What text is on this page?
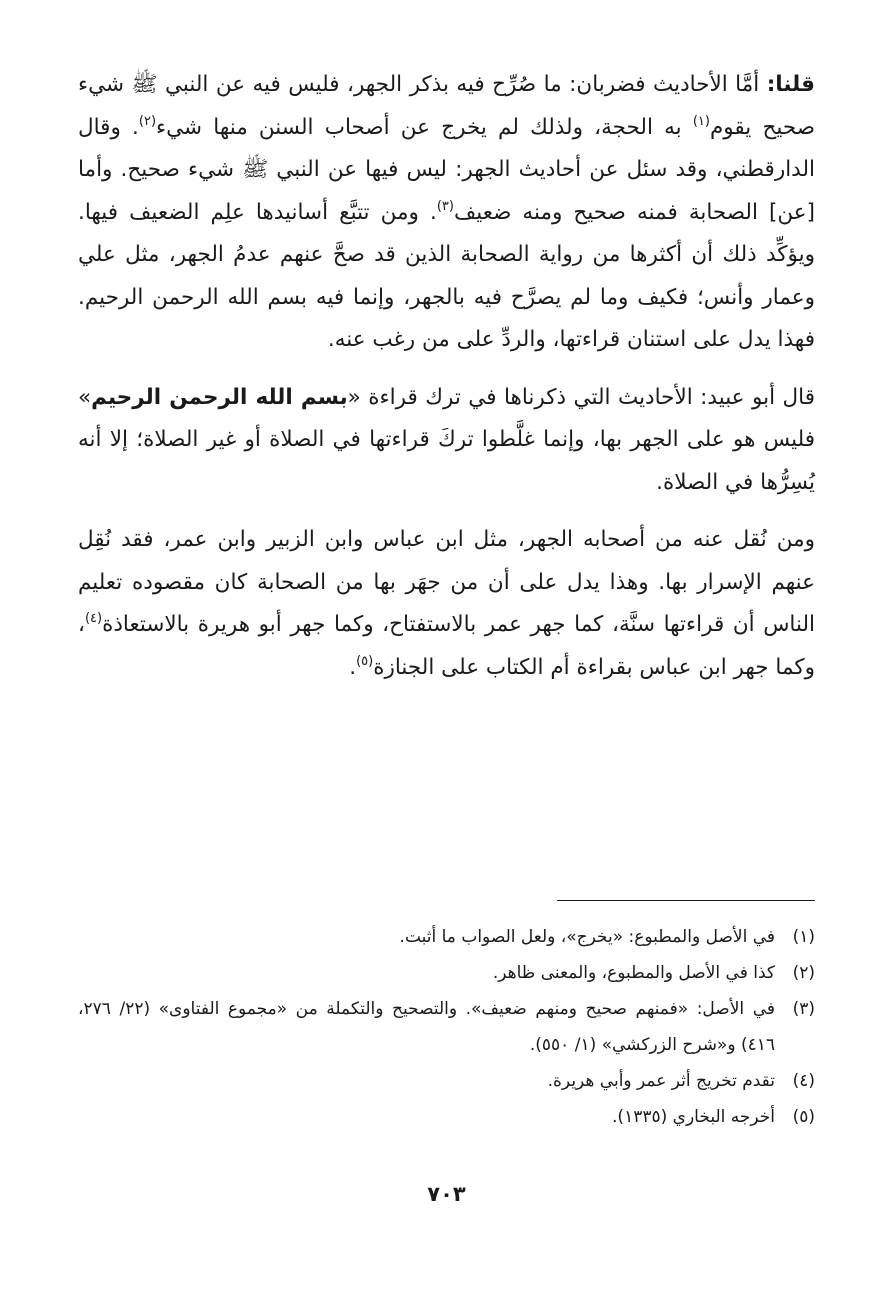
قلنا: أمَّا الأحاديث فضربان: ما صُرِّح فيه بذكر الجهر، فليس فيه عن النبي ﷺ شيء صحيح يقوم$^{(١)}$ به الحجة، ولذلك لم يخرج عن أصحاب السنن منها شيء$^{(٢)}$. وقال الدارقطني، وقد سئل عن أحاديث الجهر: ليس فيها عن النبي ﷺ شيء صحيح. وأما [عن] الصحابة فمنه صحيح ومنه ضعيف$^{(٣)}$. ومن تتبَّع أسانيدها علِم الضعيف فيها. ويؤكِّد ذلك أن أكثرها من رواية الصحابة الذين قد صحَّ عنهم عدمُ الجهر، مثل علي وعمار وأنس؛ فكيف وما لم يصرَّح فيه بالجهر، وإنما فيه بسم الله الرحمن الرحيم. فهذا يدل على استنان قراءتها، والردِّ على من رغب عنه.

قال أبو عبيد: الأحاديث التي ذكرناها في ترك قراءة «بسم الله الرحمن الرحيم» فليس هو على الجهر بها، وإنما غلَّطوا تركَ قراءتها في الصلاة أو غير الصلاة؛ إلا أنه يُسِرُّها في الصلاة.

ومن نُقل عنه من أصحابه الجهر، مثل ابن عباس وابن الزبير وابن عمر، فقد نُقِل عنهم الإسرار بها. وهذا يدل على أن من جهَر بها من الصحابة كان مقصوده تعليم الناس أن قراءتها سنَّة، كما جهر عمر بالاستفتاح، وكما جهر أبو هريرة بالاستعاذة$^{(٤)}$، وكما جهر ابن عباس بقراءة أم الكتاب على الجنازة$^{(٥)}$.

(١)
في الأصل والمطبوع: «يخرج»، ولعل الصواب ما أثبت.
(٢)
كذا في الأصل والمطبوع، والمعنى ظاهر.
(٣)
في الأصل: «فمنهم صحيح ومنهم ضعيف». والتصحيح والتكملة من «مجموع الفتاوى» (٢٢/ ٢٧٦، ٤١٦) و«شرح الزركشي» (١/ ٥٥٠).
(٤)
تقدم تخريج أثر عمر وأبي هريرة.
(٥)
أخرجه البخاري (١٣٣٥).
٧٠٣
